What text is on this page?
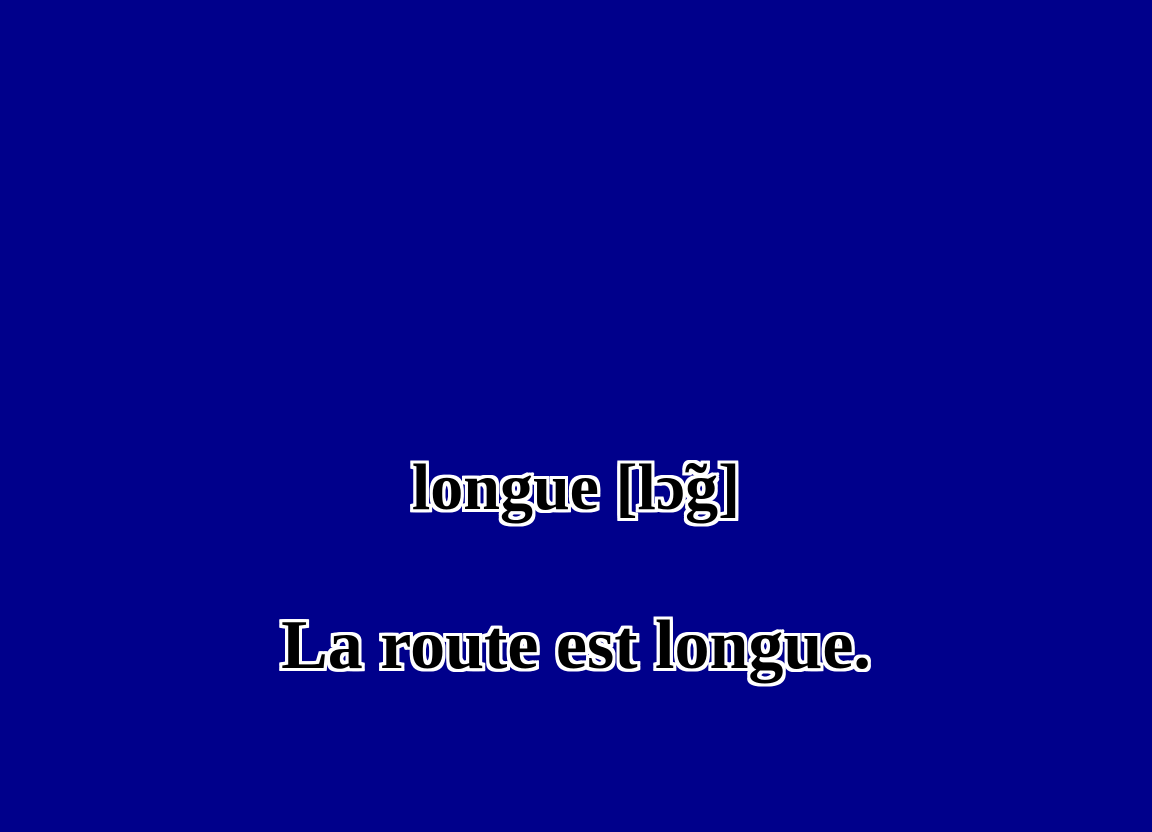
longue [lɔ̃g]
La route est longue.
